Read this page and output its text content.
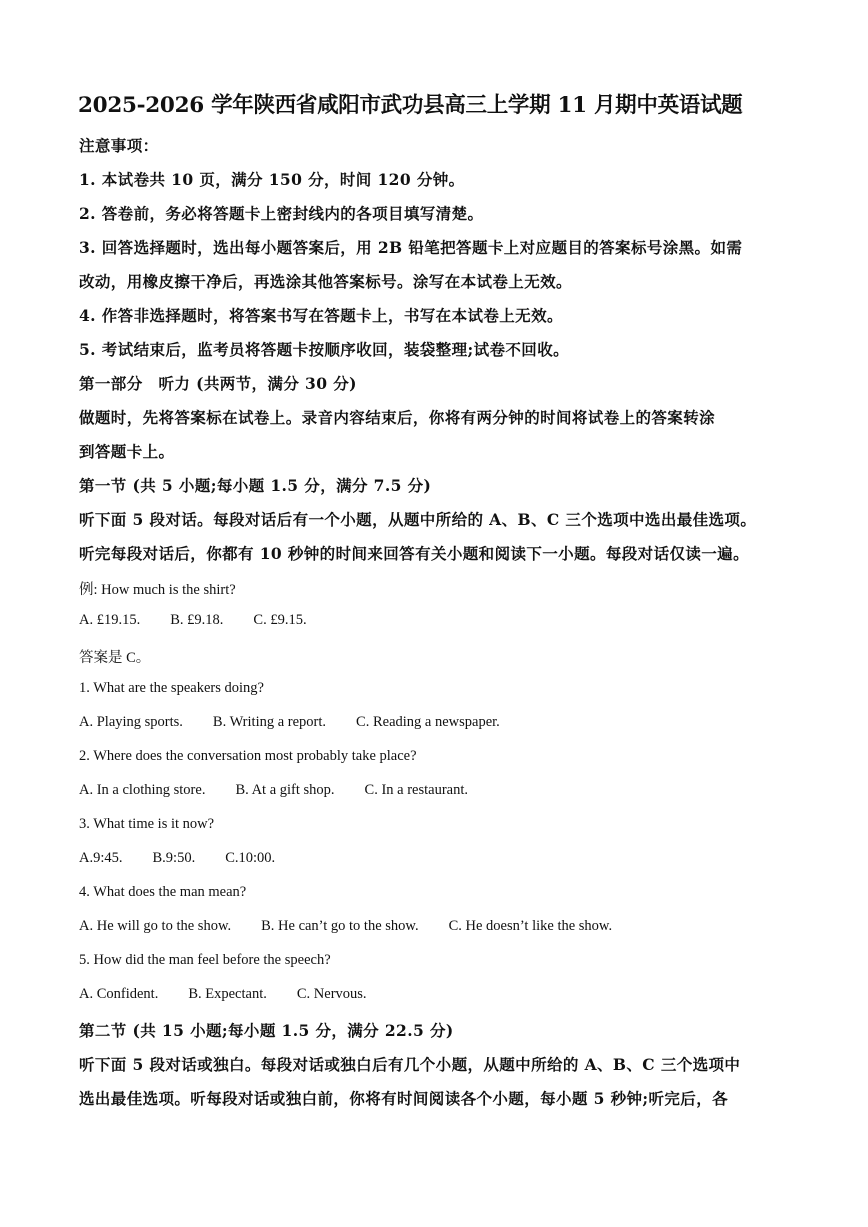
2025-2026 学年陕西省咸阳市武功县高三上学期 11 月期中英语试题
注意事项：
1. 本试卷共 10 页，满分 150 分，时间 120 分钟。
2. 答卷前，务必将答题卡上密封线内的各项目填写清楚。
3. 回答选择题时，选出每小题答案后，用 2B 铅笔把答题卡上对应题目的答案标号涂黑。如需
改动，用橡皮擦干净后，再选涂其他答案标号。涂写在本试卷上无效。
4. 作答非选择题时，将答案书写在答题卡上，书写在本试卷上无效。
5. 考试结束后，监考员将答题卡按顺序收回，装袋整理;试卷不回收。
第一部分　听力 (共两节，满分 30 分)
做题时，先将答案标在试卷上。录音内容结束后，你将有两分钟的时间将试卷上的答案转涂
到答题卡上。
第一节 (共 5 小题;每小题 1.5 分，满分 7.5 分)
听下面 5 段对话。每段对话后有一个小题，从题中所给的 A、B、C 三个选项中选出最佳选项。
听完每段对话后，你都有 10 秒钟的时间来回答有关小题和阅读下一小题。每段对话仅读一遍。
例: How much is the shirt?
A. £19.15. B. £9.18. C. £9.15.
答案是 C。
1. What are the speakers doing?
A. Playing sports. B. Writing a report. C. Reading a newspaper.
2. Where does the conversation most probably take place?
A. In a clothing store. B. At a gift shop. C. In a restaurant.
3. What time is it now?
A.9:45. B.9:50. C.10:00.
4. What does the man mean?
A. He will go to the show. B. He can’t go to the show. C. He doesn’t like the show.
5. How did the man feel before the speech?
A. Confident. B. Expectant. C. Nervous.
第二节 (共 15 小题;每小题 1.5 分，满分 22.5 分)
听下面 5 段对话或独白。每段对话或独白后有几个小题，从题中所给的 A、B、C 三个选项中
选出最佳选项。听每段对话或独白前，你将有时间阅读各个小题，每小题 5 秒钟;听完后，各
